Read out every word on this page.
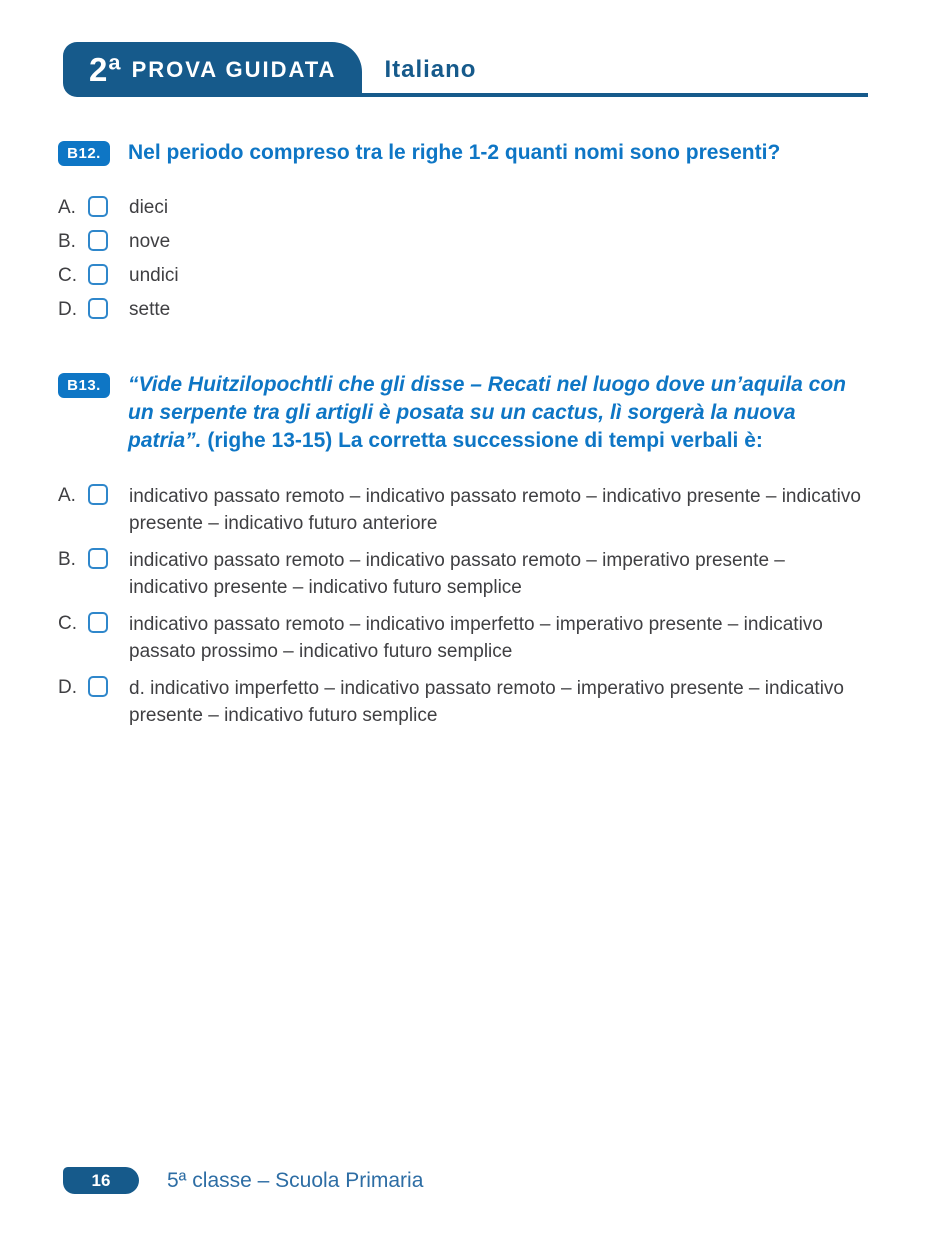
2ª PROVA GUIDATA	Italiano
B12.	Nel periodo compreso tra le righe 1-2 quanti nomi sono presenti?

A.	dieci
B.	nove
C.	undici
D.	sette
B13.	“Vide Huitzilopochtli che gli disse – Recati nel luogo dove un’aquila con un serpente tra gli artigli è posata su un cactus, lì sorgerà la nuova patria”. (righe 13-15) La corretta successione di tempi verbali è:

A.	indicativo passato remoto – indicativo passato remoto – indicativo presente – indicativo presente – indicativo futuro anteriore
B.	indicativo passato remoto – indicativo passato remoto – imperativo presente – indicativo presente – indicativo futuro semplice
C.	indicativo passato remoto – indicativo imperfetto – imperativo presente – indicativo passato prossimo – indicativo futuro semplice
D.	d. indicativo imperfetto – indicativo passato remoto – imperativo presente – indicativo presente – indicativo futuro semplice
16	5ª classe – Scuola Primaria
